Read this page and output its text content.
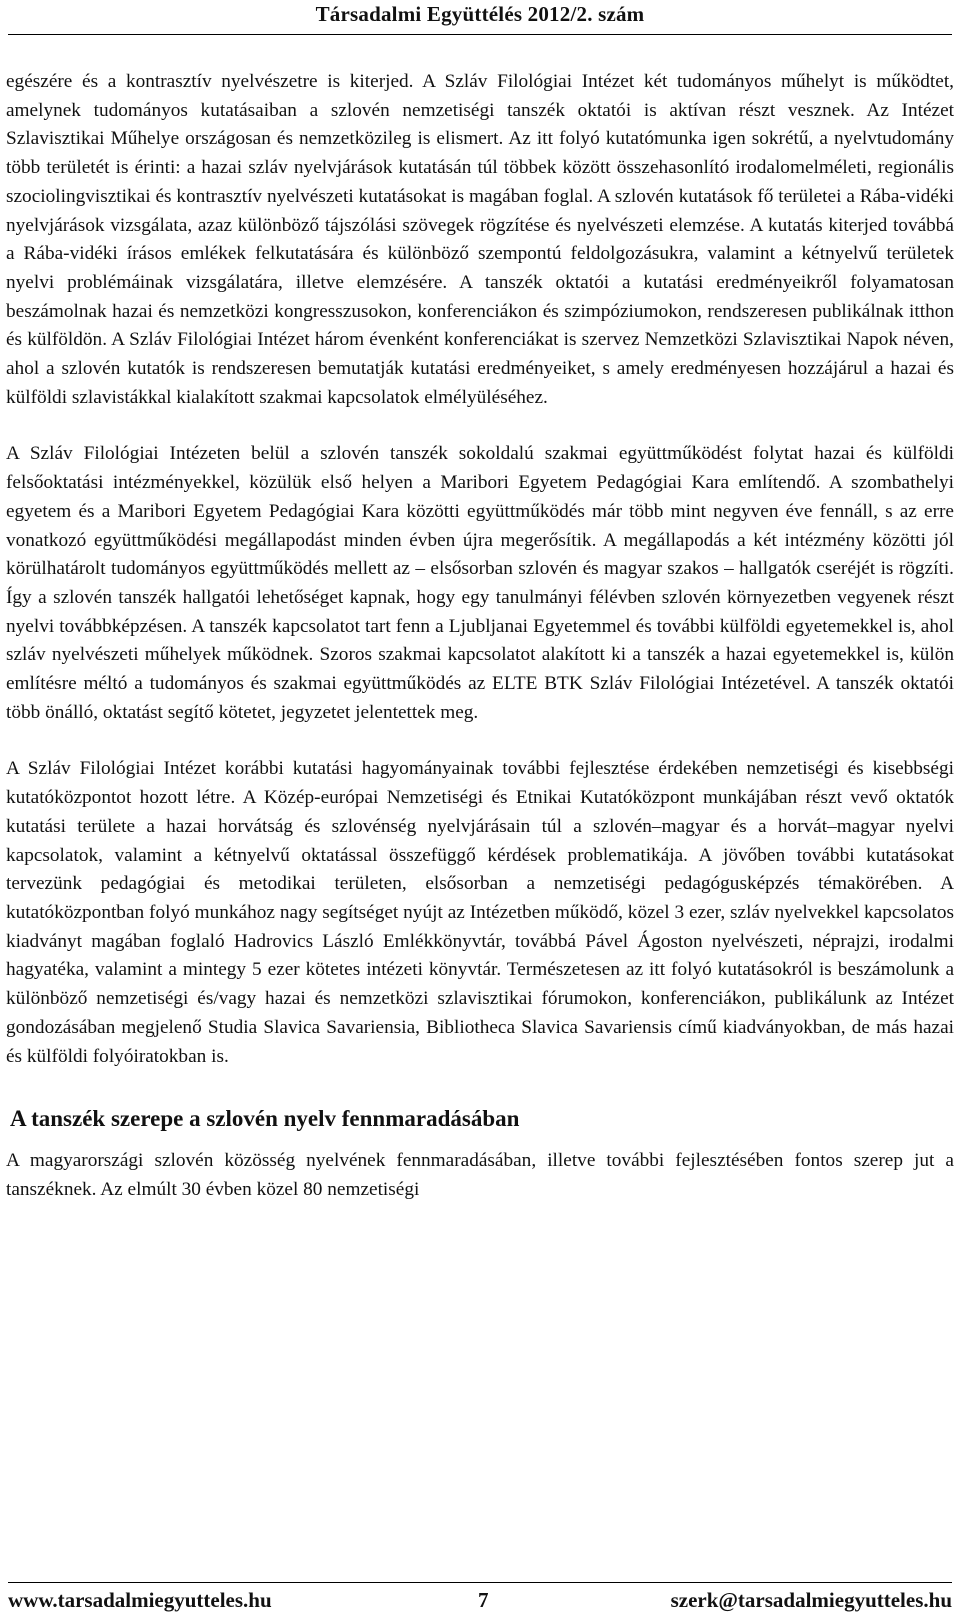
Társadalmi Együttélés 2012/2. szám

egészére és a kontrasztív nyelvészetre is kiterjed. A Szláv Filológiai Intézet két tudományos műhelyt is működtet, amelynek tudományos kutatásaiban a szlovén nemzetiségi tanszék oktatói is aktívan részt vesznek. Az Intézet Szlavisztikai Műhelye országosan és nemzetközileg is elismert. Az itt folyó kutatómunka igen sokrétű, a nyelvtudomány több területét is érinti: a hazai szláv nyelvjárások kutatásán túl többek között összehasonlító irodalomelméleti, regionális szociolingvisztikai és kontrasztív nyelvészeti kutatásokat is magában foglal. A szlovén kutatások fő területei a Rába-vidéki nyelvjárások vizsgálata, azaz különböző tájszólási szövegek rögzítése és nyelvészeti elemzése. A kutatás kiterjed továbbá a Rába-vidéki írásos emlékek felkutatására és különböző szempontú feldolgozásukra, valamint a kétnyelvű területek nyelvi problémáinak vizsgálatára, illetve elemzésére. A tanszék oktatói a kutatási eredményeikről folyamatosan beszámolnak hazai és nemzetközi kongresszusokon, konferenciákon és szimpóziumokon, rendszeresen publikálnak itthon és külföldön. A Szláv Filológiai Intézet három évenként konferenciákat is szervez Nemzetközi Szlavisztikai Napok néven, ahol a szlovén kutatók is rendszeresen bemutatják kutatási eredményeiket, s amely eredményesen hozzájárul a hazai és külföldi szlavistákkal kialakított szakmai kapcsolatok elmélyüléséhez.

A Szláv Filológiai Intézeten belül a szlovén tanszék sokoldalú szakmai együttműködést folytat hazai és külföldi felsőoktatási intézményekkel, közülük első helyen a Maribori Egyetem Pedagógiai Kara említendő. A szombathelyi egyetem és a Maribori Egyetem Pedagógiai Kara közötti együttműködés már több mint negyven éve fennáll, s az erre vonatkozó együttműködési megállapodást minden évben újra megerősítik. A megállapodás a két intézmény közötti jól körülhatárolt tudományos együttműködés mellett az – elsősorban szlovén és magyar szakos – hallgatók cseréjét is rögzíti. Így a szlovén tanszék hallgatói lehetőséget kapnak, hogy egy tanulmányi félévben szlovén környezetben vegyenek részt nyelvi továbbképzésen. A tanszék kapcsolatot tart fenn a Ljubljanai Egyetemmel és további külföldi egyetemekkel is, ahol szláv nyelvészeti műhelyek működnek. Szoros szakmai kapcsolatot alakított ki a tanszék a hazai egyetemekkel is, külön említésre méltó a tudományos és szakmai együttműködés az ELTE BTK Szláv Filológiai Intézetével. A tanszék oktatói több önálló, oktatást segítő kötetet, jegyzetet jelentettek meg.

A Szláv Filológiai Intézet korábbi kutatási hagyományainak további fejlesztése érdekében nemzetiségi és kisebbségi kutatóközpontot hozott létre. A Közép-európai Nemzetiségi és Etnikai Kutatóközpont munkájában részt vevő oktatók kutatási területe a hazai horvátság és szlovénség nyelvjárásain túl a szlovén–magyar és a horvát–magyar nyelvi kapcsolatok, valamint a kétnyelvű oktatással összefüggő kérdések problematikája. A jövőben további kutatásokat tervezünk pedagógiai és metodikai területen, elsősorban a nemzetiségi pedagógusképzés témakörében. A kutatóközpontban folyó munkához nagy segítséget nyújt az Intézetben működő, közel 3 ezer, szláv nyelvekkel kapcsolatos kiadványt magában foglaló Hadrovics László Emlékkönyvtár, továbbá Pável Ágoston nyelvészeti, néprajzi, irodalmi hagyatéka, valamint a mintegy 5 ezer kötetes intézeti könyvtár. Természetesen az itt folyó kutatásokról is beszámolunk a különböző nemzetiségi és/vagy hazai és nemzetközi szlavisztikai fórumokon, konferenciákon, publikálunk az Intézet gondozásában megjelenő Studia Slavica Savariensia, Bibliotheca Slavica Savariensis című kiadványokban, de más hazai és külföldi folyóiratokban is.

A tanszék szerepe a szlovén nyelv fennmaradásában

A magyarországi szlovén közösség nyelvének fennmaradásában, illetve további fejlesztésében fontos szerep jut a tanszéknek. Az elmúlt 30 évben közel 80 nemzetiségi

www.tarsadalmiegyutteles.hu	7	szerk@tarsadalmiegyutteles.hu
